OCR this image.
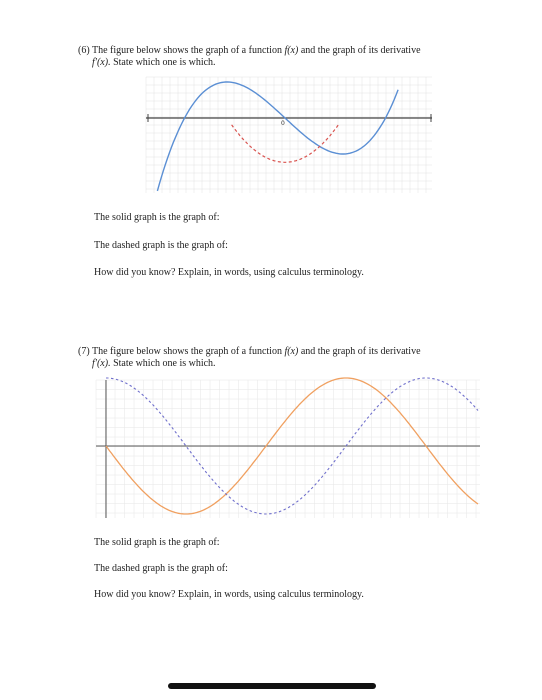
(6) The figure below shows the graph of a function f(x) and the graph of its derivative
f′(x). State which one is which.
0
The solid graph is the graph of:
The dashed graph is the graph of:
How did you know? Explain, in words, using calculus terminology.
(7) The figure below shows the graph of a function f(x) and the graph of its derivative
f′(x). State which one is which.
The solid graph is the graph of:
The dashed graph is the graph of:
How did you know? Explain, in words, using calculus terminology.
